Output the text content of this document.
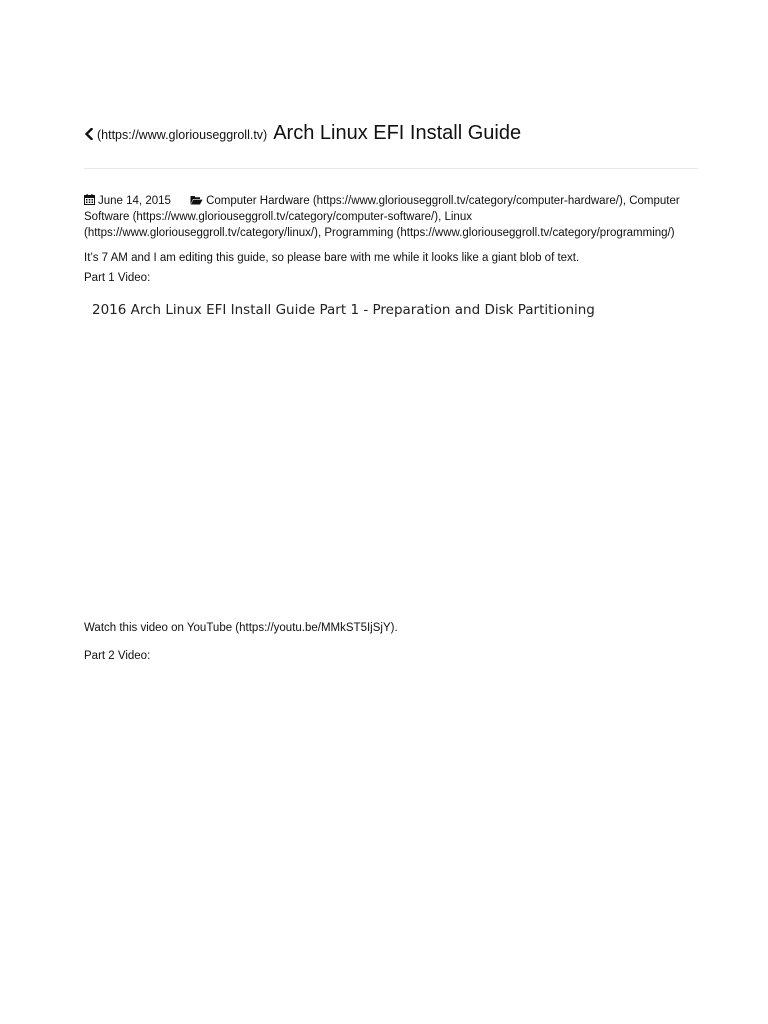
(https://www.gloriouseggroll.tv) Arch Linux EFI Install Guide
June 14, 2015	Computer Hardware (https://www.gloriouseggroll.tv/category/computer-hardware/), Computer Software (https://www.gloriouseggroll.tv/category/computer-software/), Linux (https://www.gloriouseggroll.tv/category/linux/), Programming (https://www.gloriouseggroll.tv/category/programming/)
It’s 7 AM and I am editing this guide, so please bare with me while it looks like a giant blob of text.
Part 1 Video:
2016 Arch Linux EFI Install Guide Part 1 - Preparation and Disk Partitioning
Watch this video on YouTube (https://youtu.be/MMkST5IjSjY).
Part 2 Video:
